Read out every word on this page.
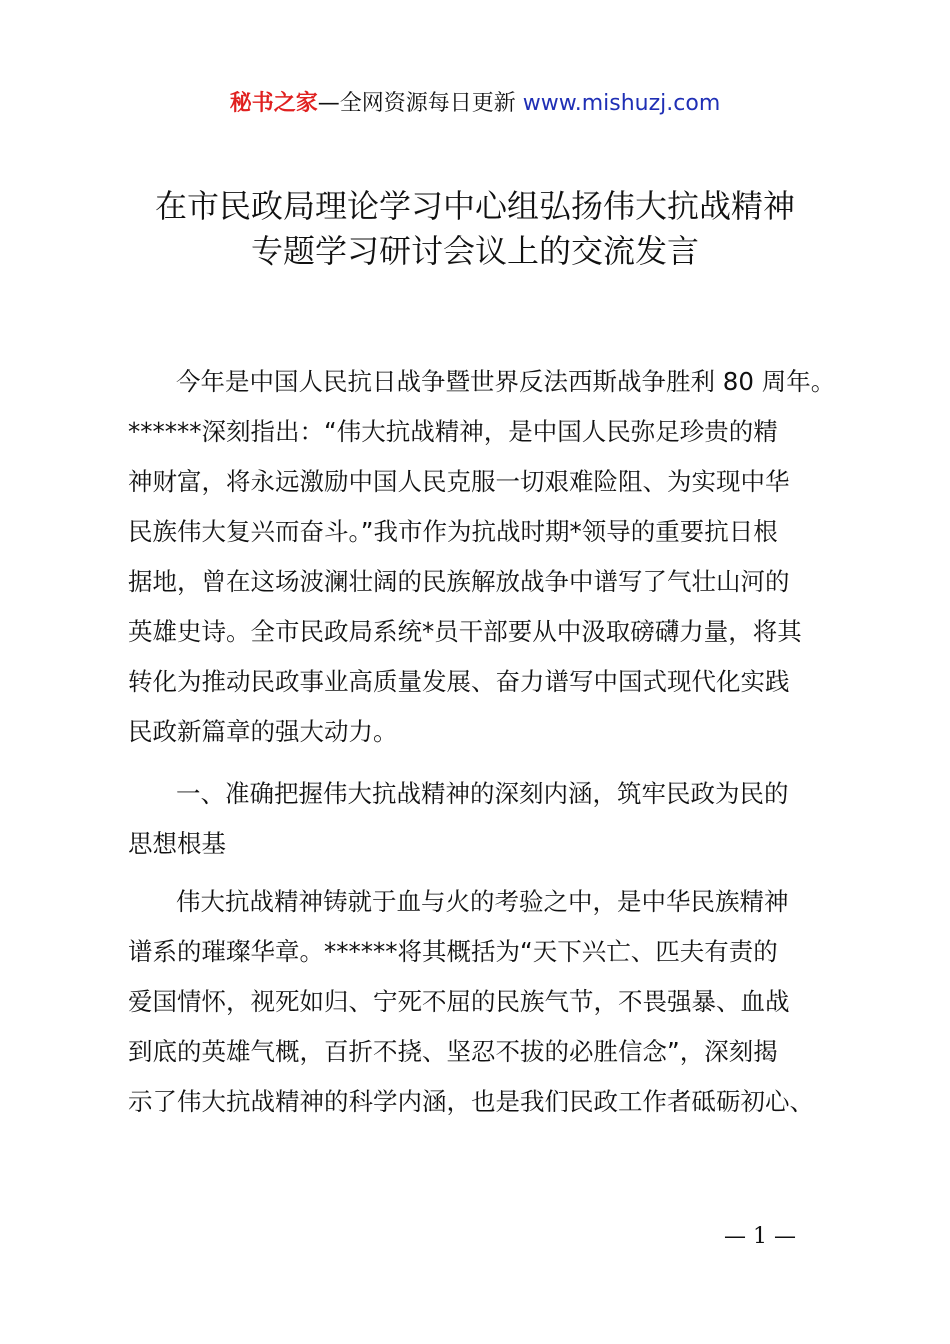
秘书之家—全网资源每日更新 www.mishuzj.com
在市民政局理论学习中心组弘扬伟大抗战精神
专题学习研讨会议上的交流发言
今年是中国人民抗日战争暨世界反法西斯战争胜利 80 周年。
******深刻指出：“伟大抗战精神，是中国人民弥足珍贵的精
神财富，将永远激励中国人民克服一切艰难险阻、为实现中华
民族伟大复兴而奋斗。”我市作为抗战时期*领导的重要抗日根
据地，曾在这场波澜壮阔的民族解放战争中谱写了气壮山河的
英雄史诗。全市民政局系统*员干部要从中汲取磅礴力量，将其
转化为推动民政事业高质量发展、奋力谱写中国式现代化实践
民政新篇章的强大动力。
一、准确把握伟大抗战精神的深刻内涵，筑牢民政为民的
思想根基
伟大抗战精神铸就于血与火的考验之中，是中华民族精神
谱系的璀璨华章。******将其概括为“天下兴亡、匹夫有责的
爱国情怀，视死如归、宁死不屈的民族气节，不畏强暴、血战
到底的英雄气概，百折不挠、坚忍不拔的必胜信念”，深刻揭
示了伟大抗战精神的科学内涵，也是我们民政工作者砥砺初心、
— 1 —
